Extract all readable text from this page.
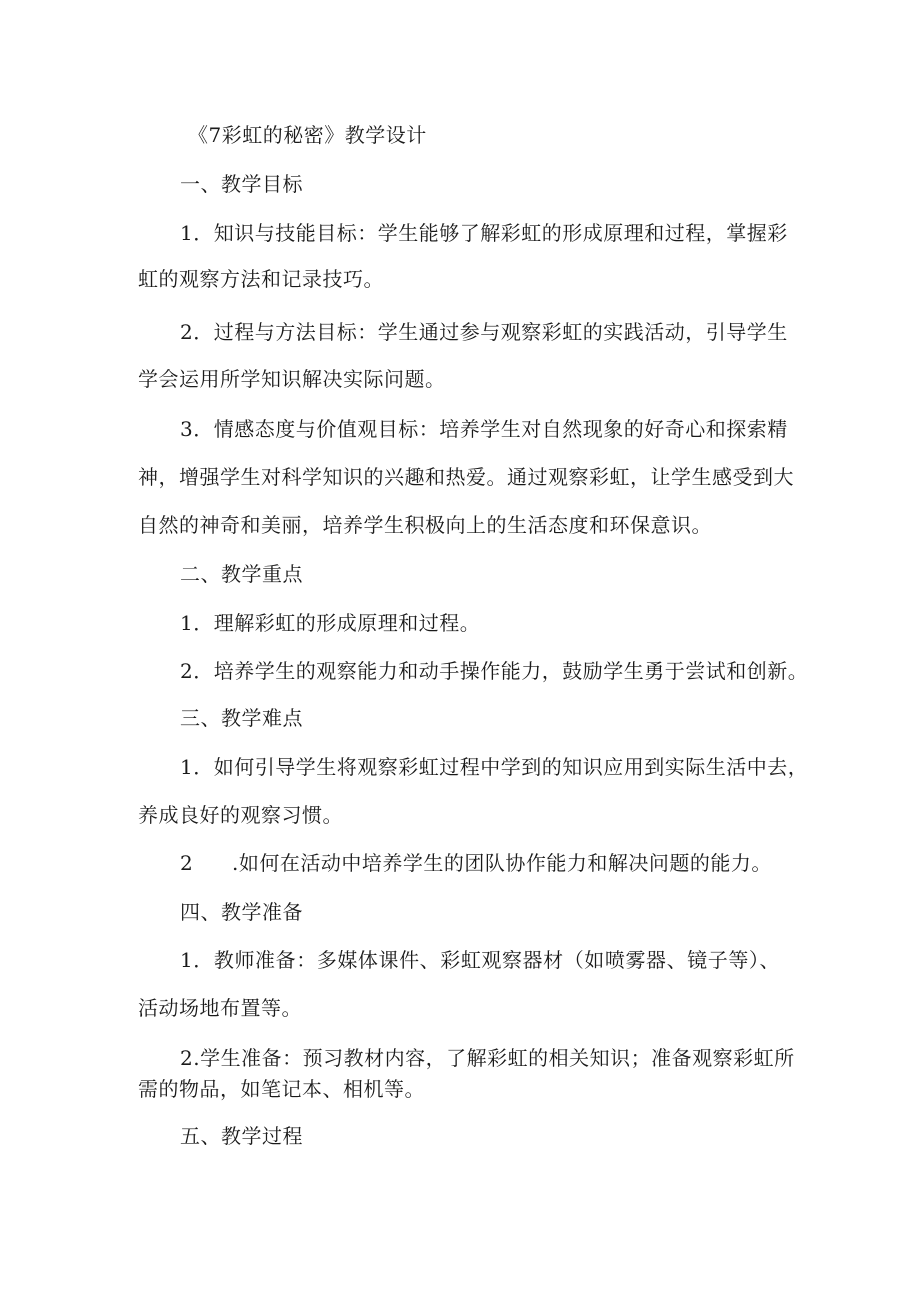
《7彩虹的秘密》教学设计
一、教学目标
1．知识与技能目标：学生能够了解彩虹的形成原理和过程，掌握彩
虹的观察方法和记录技巧。
2．过程与方法目标：学生通过参与观察彩虹的实践活动，引导学生
学会运用所学知识解决实际问题。
3．情感态度与价值观目标：培养学生对自然现象的好奇心和探索精
神，增强学生对科学知识的兴趣和热爱。通过观察彩虹，让学生感受到大
自然的神奇和美丽，培养学生积极向上的生活态度和环保意识。
二、教学重点
1．理解彩虹的形成原理和过程。
2．培养学生的观察能力和动手操作能力，鼓励学生勇于尝试和创新。
三、教学难点
1．如何引导学生将观察彩虹过程中学到的知识应用到实际生活中去，
养成良好的观察习惯。
2 .如何在活动中培养学生的团队协作能力和解决问题的能力。
四、教学准备
1．教师准备：多媒体课件、彩虹观察器材（如喷雾器、镜子等）、
活动场地布置等。
2.学生准备：预习教材内容，了解彩虹的相关知识；准备观察彩虹所
需的物品，如笔记本、相机等。
五、教学过程
